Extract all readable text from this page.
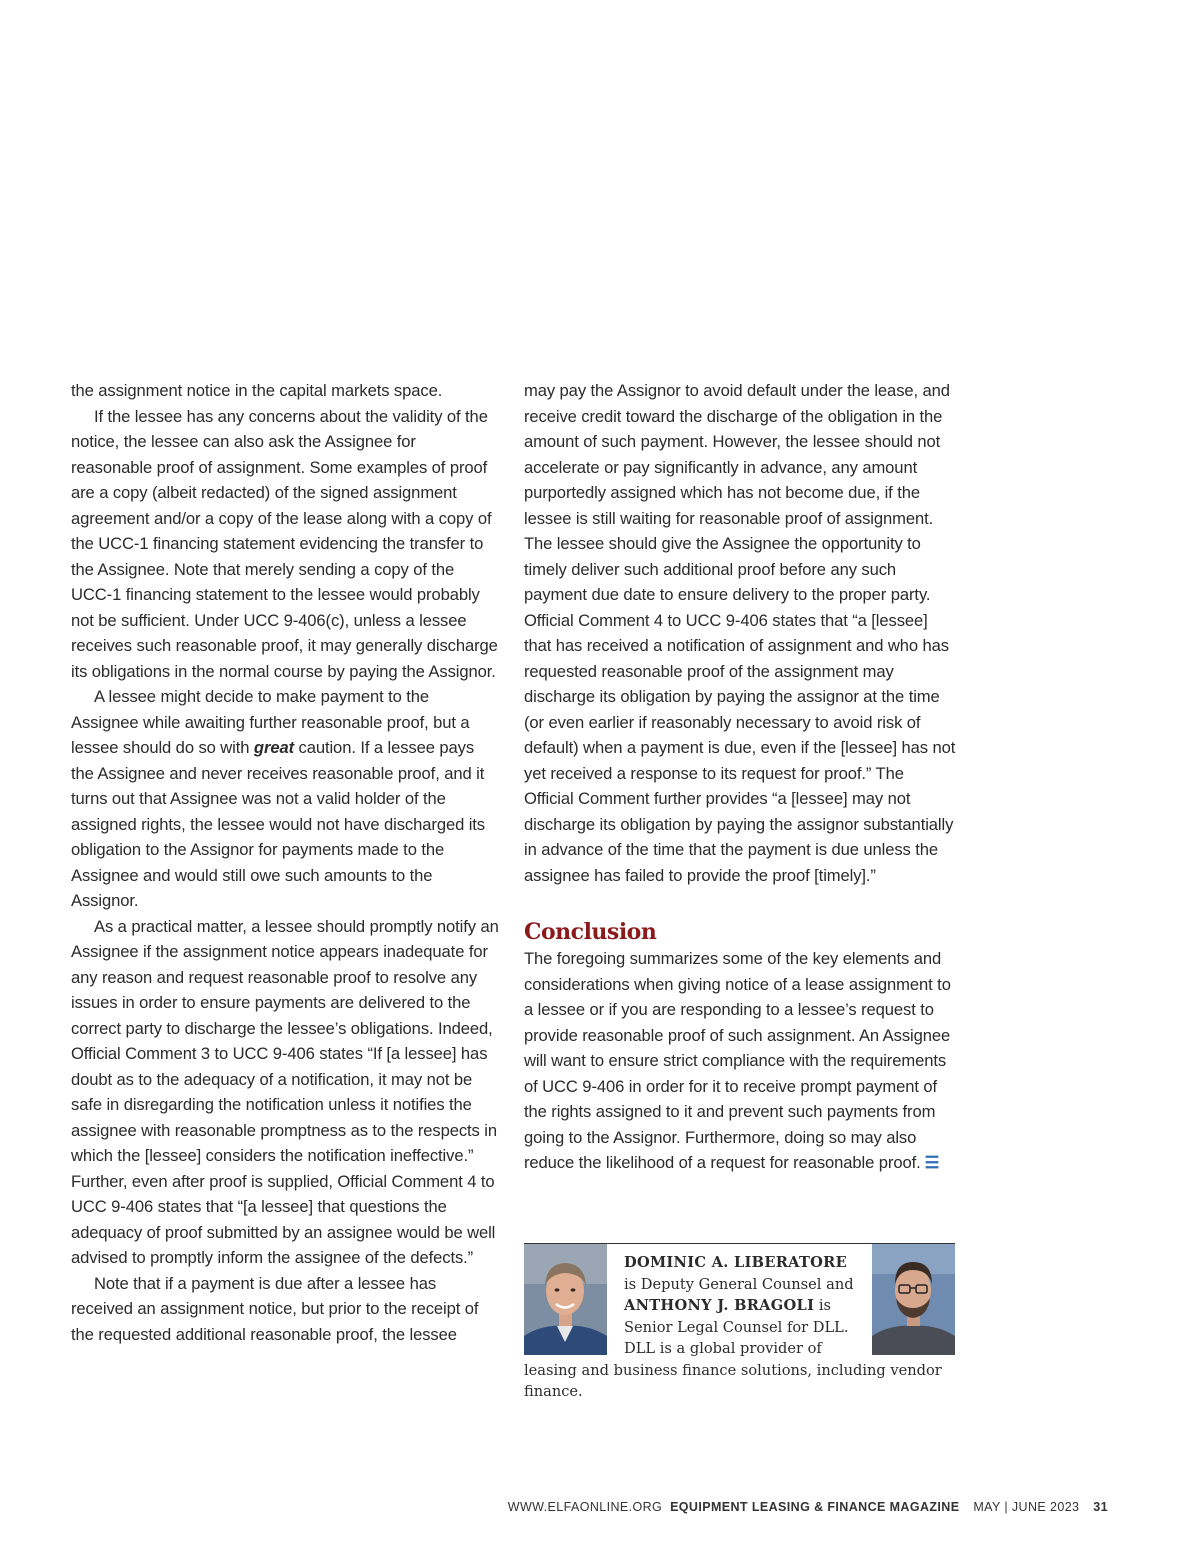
the assignment notice in the capital markets space.

If the lessee has any concerns about the validity of the notice, the lessee can also ask the Assignee for reasonable proof of assignment. Some examples of proof are a copy (albeit redacted) of the signed assignment agreement and/or a copy of the lease along with a copy of the UCC-1 financing statement evidencing the transfer to the Assignee. Note that merely sending a copy of the UCC-1 financing statement to the lessee would probably not be sufficient. Under UCC 9-406(c), unless a lessee receives such reasonable proof, it may generally discharge its obligations in the normal course by paying the Assignor.

A lessee might decide to make payment to the Assignee while awaiting further reasonable proof, but a lessee should do so with great caution. If a lessee pays the Assignee and never receives reasonable proof, and it turns out that Assignee was not a valid holder of the assigned rights, the lessee would not have discharged its obligation to the Assignor for payments made to the Assignee and would still owe such amounts to the Assignor.

As a practical matter, a lessee should promptly notify an Assignee if the assignment notice appears inadequate for any reason and request reasonable proof to resolve any issues in order to ensure payments are delivered to the correct party to discharge the lessee’s obligations. Indeed, Official Comment 3 to UCC 9-406 states “If [a lessee] has doubt as to the adequacy of a notification, it may not be safe in disregarding the notification unless it notifies the assignee with reasonable promptness as to the respects in which the [lessee] considers the notification ineffective.” Further, even after proof is supplied, Official Comment 4 to UCC 9-406 states that “[a lessee] that questions the adequacy of proof submitted by an assignee would be well advised to promptly inform the assignee of the defects.”

Note that if a payment is due after a lessee has received an assignment notice, but prior to the receipt of the requested additional reasonable proof, the lessee

may pay the Assignor to avoid default under the lease, and receive credit toward the discharge of the obligation in the amount of such payment. However, the lessee should not accelerate or pay significantly in advance, any amount purportedly assigned which has not become due, if the lessee is still waiting for reasonable proof of assignment. The lessee should give the Assignee the opportunity to timely deliver such additional proof before any such payment due date to ensure delivery to the proper party. Official Comment 4 to UCC 9-406 states that “a [lessee] that has received a notification of assignment and who has requested reasonable proof of the assignment may discharge its obligation by paying the assignor at the time (or even earlier if reasonably necessary to avoid risk of default) when a payment is due, even if the [lessee] has not yet received a response to its request for proof.” The Official Comment further provides “a [lessee] may not discharge its obligation by paying the assignor substantially in advance of the time that the payment is due unless the assignee has failed to provide the proof [timely].”

Conclusion

The foregoing summarizes some of the key elements and considerations when giving notice of a lease assignment to a lessee or if you are responding to a lessee’s request to provide reasonable proof of such assignment. An Assignee will want to ensure strict compliance with the requirements of UCC 9-406 in order for it to receive prompt payment of the rights assigned to it and prevent such payments from going to the Assignor. Furthermore, doing so may also reduce the likelihood of a request for reasonable proof. ☰

DOMINIC A. LIBERATORE is Deputy General Counsel and ANTHONY J. BRAGOLI is Senior Legal Counsel for DLL. DLL is a global provider of leasing and business finance solutions, including vendor finance.
WWW.ELFAONLINE.ORG EQUIPMENT LEASING & FINANCE MAGAZINE MAY | JUNE 2023 31
